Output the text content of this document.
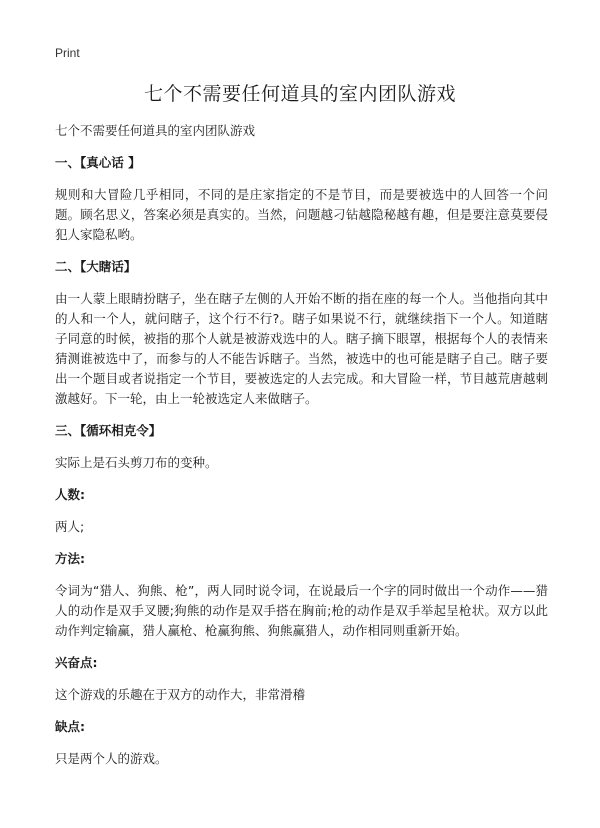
Print
七个不需要任何道具的室内团队游戏

七个不需要任何道具的室内团队游戏

一、【真心话 】

规则和大冒险几乎相同，不同的是庄家指定的不是节目，而是要被选中的人回答一个问题。顾名思义，答案必须是真实的。当然，问题越刁钻越隐秘越有趣，但是要注意莫要侵犯人家隐私哟。

二、【大瞎话】

由一人蒙上眼睛扮瞎子，坐在瞎子左侧的人开始不断的指在座的每一个人。当他指向其中的人和一个人，就问瞎子，这个行不行?。瞎子如果说不行，就继续指下一个人。知道瞎子同意的时候，被指的那个人就是被游戏选中的人。瞎子摘下眼罩，根据每个人的表情来猜测谁被选中了，而参与的人不能告诉瞎子。当然，被选中的也可能是瞎子自己。瞎子要出一个题目或者说指定一个节目，要被选定的人去完成。和大冒险一样，节目越荒唐越刺激越好。下一轮，由上一轮被选定人来做瞎子。

三、【循环相克令】

实际上是石头剪刀布的变种。

人数:

两人;

方法:

令词为“猎人、狗熊、枪”，两人同时说令词，在说最后一个字的同时做出一个动作——猎人的动作是双手叉腰;狗熊的动作是双手搭在胸前;枪的动作是双手举起呈枪状。双方以此动作判定输赢，猎人赢枪、枪赢狗熊、狗熊赢猎人，动作相同则重新开始。

兴奋点:

这个游戏的乐趣在于双方的动作大，非常滑稽

缺点:

只是两个人的游戏。
